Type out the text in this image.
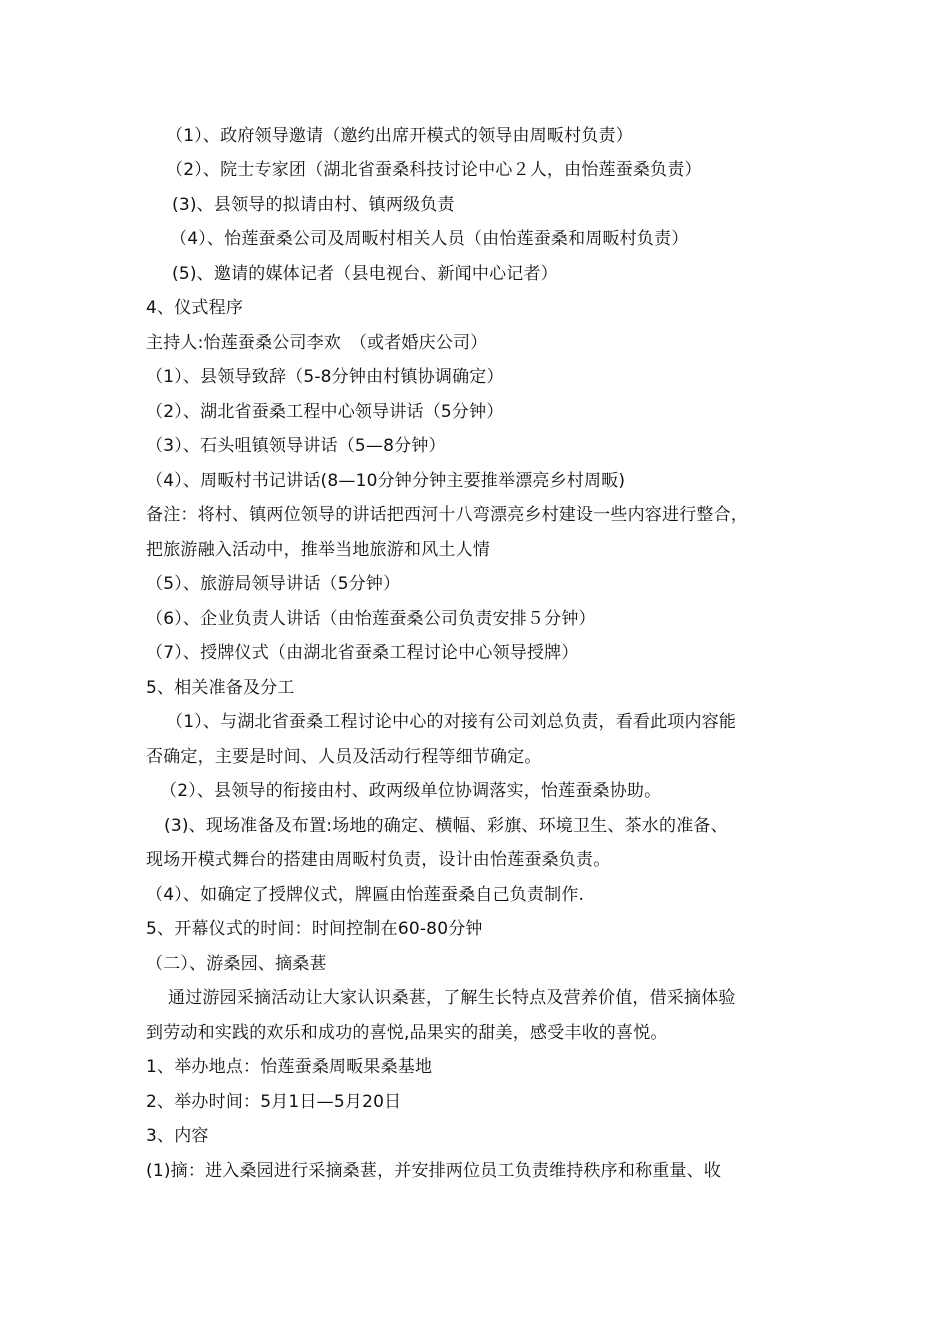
（1）、政府领导邀请（邀约出席开模式的领导由周畈村负责）
（2）、院士专家团（湖北省蚕桑科技讨论中心２人，由怡莲蚕桑负责）
(3)、县领导的拟请由村、镇两级负责
（4）、怡莲蚕桑公司及周畈村相关人员（由怡莲蚕桑和周畈村负责）
(5)、邀请的媒体记者（县电视台、新闻中心记者）
4、仪式程序
主持人:怡莲蚕桑公司李欢　（或者婚庆公司）
（1）、县领导致辞（5-8分钟由村镇协调确定）
（2）、湖北省蚕桑工程中心领导讲话（5分钟）
（3）、石头咀镇领导讲话（5—8分钟）
（4）、周畈村书记讲话(8—10分钟分钟主要推举漂亮乡村周畈)
备注：将村、镇两位领导的讲话把西河十八弯漂亮乡村建设一些内容进行整合，
把旅游融入活动中，推举当地旅游和风土人情
（5）、旅游局领导讲话（5分钟）
（6）、企业负责人讲话（由怡莲蚕桑公司负责安排５分钟）
（7）、授牌仪式（由湖北省蚕桑工程讨论中心领导授牌）
5、相关准备及分工
（1）、与湖北省蚕桑工程讨论中心的对接有公司刘总负责，看看此项内容能
否确定，主要是时间、人员及活动行程等细节确定。
（2）、县领导的衔接由村、政两级单位协调落实，怡莲蚕桑协助。
(3)、现场准备及布置:场地的确定、横幅、彩旗、环境卫生、茶水的准备、
现场开模式舞台的搭建由周畈村负责，设计由怡莲蚕桑负责。
（4）、如确定了授牌仪式，牌匾由怡莲蚕桑自己负责制作.
5、开幕仪式的时间：时间控制在60-80分钟
（二）、游桑园、摘桑葚
通过游园采摘活动让大家认识桑葚，了解生长特点及营养价值，借采摘体验
到劳动和实践的欢乐和成功的喜悦,品果实的甜美，感受丰收的喜悦。
1、举办地点：怡莲蚕桑周畈果桑基地
2、举办时间：5月1日—5月20日
3、内容
(1)摘：进入桑园进行采摘桑葚，并安排两位员工负责维持秩序和称重量、收
